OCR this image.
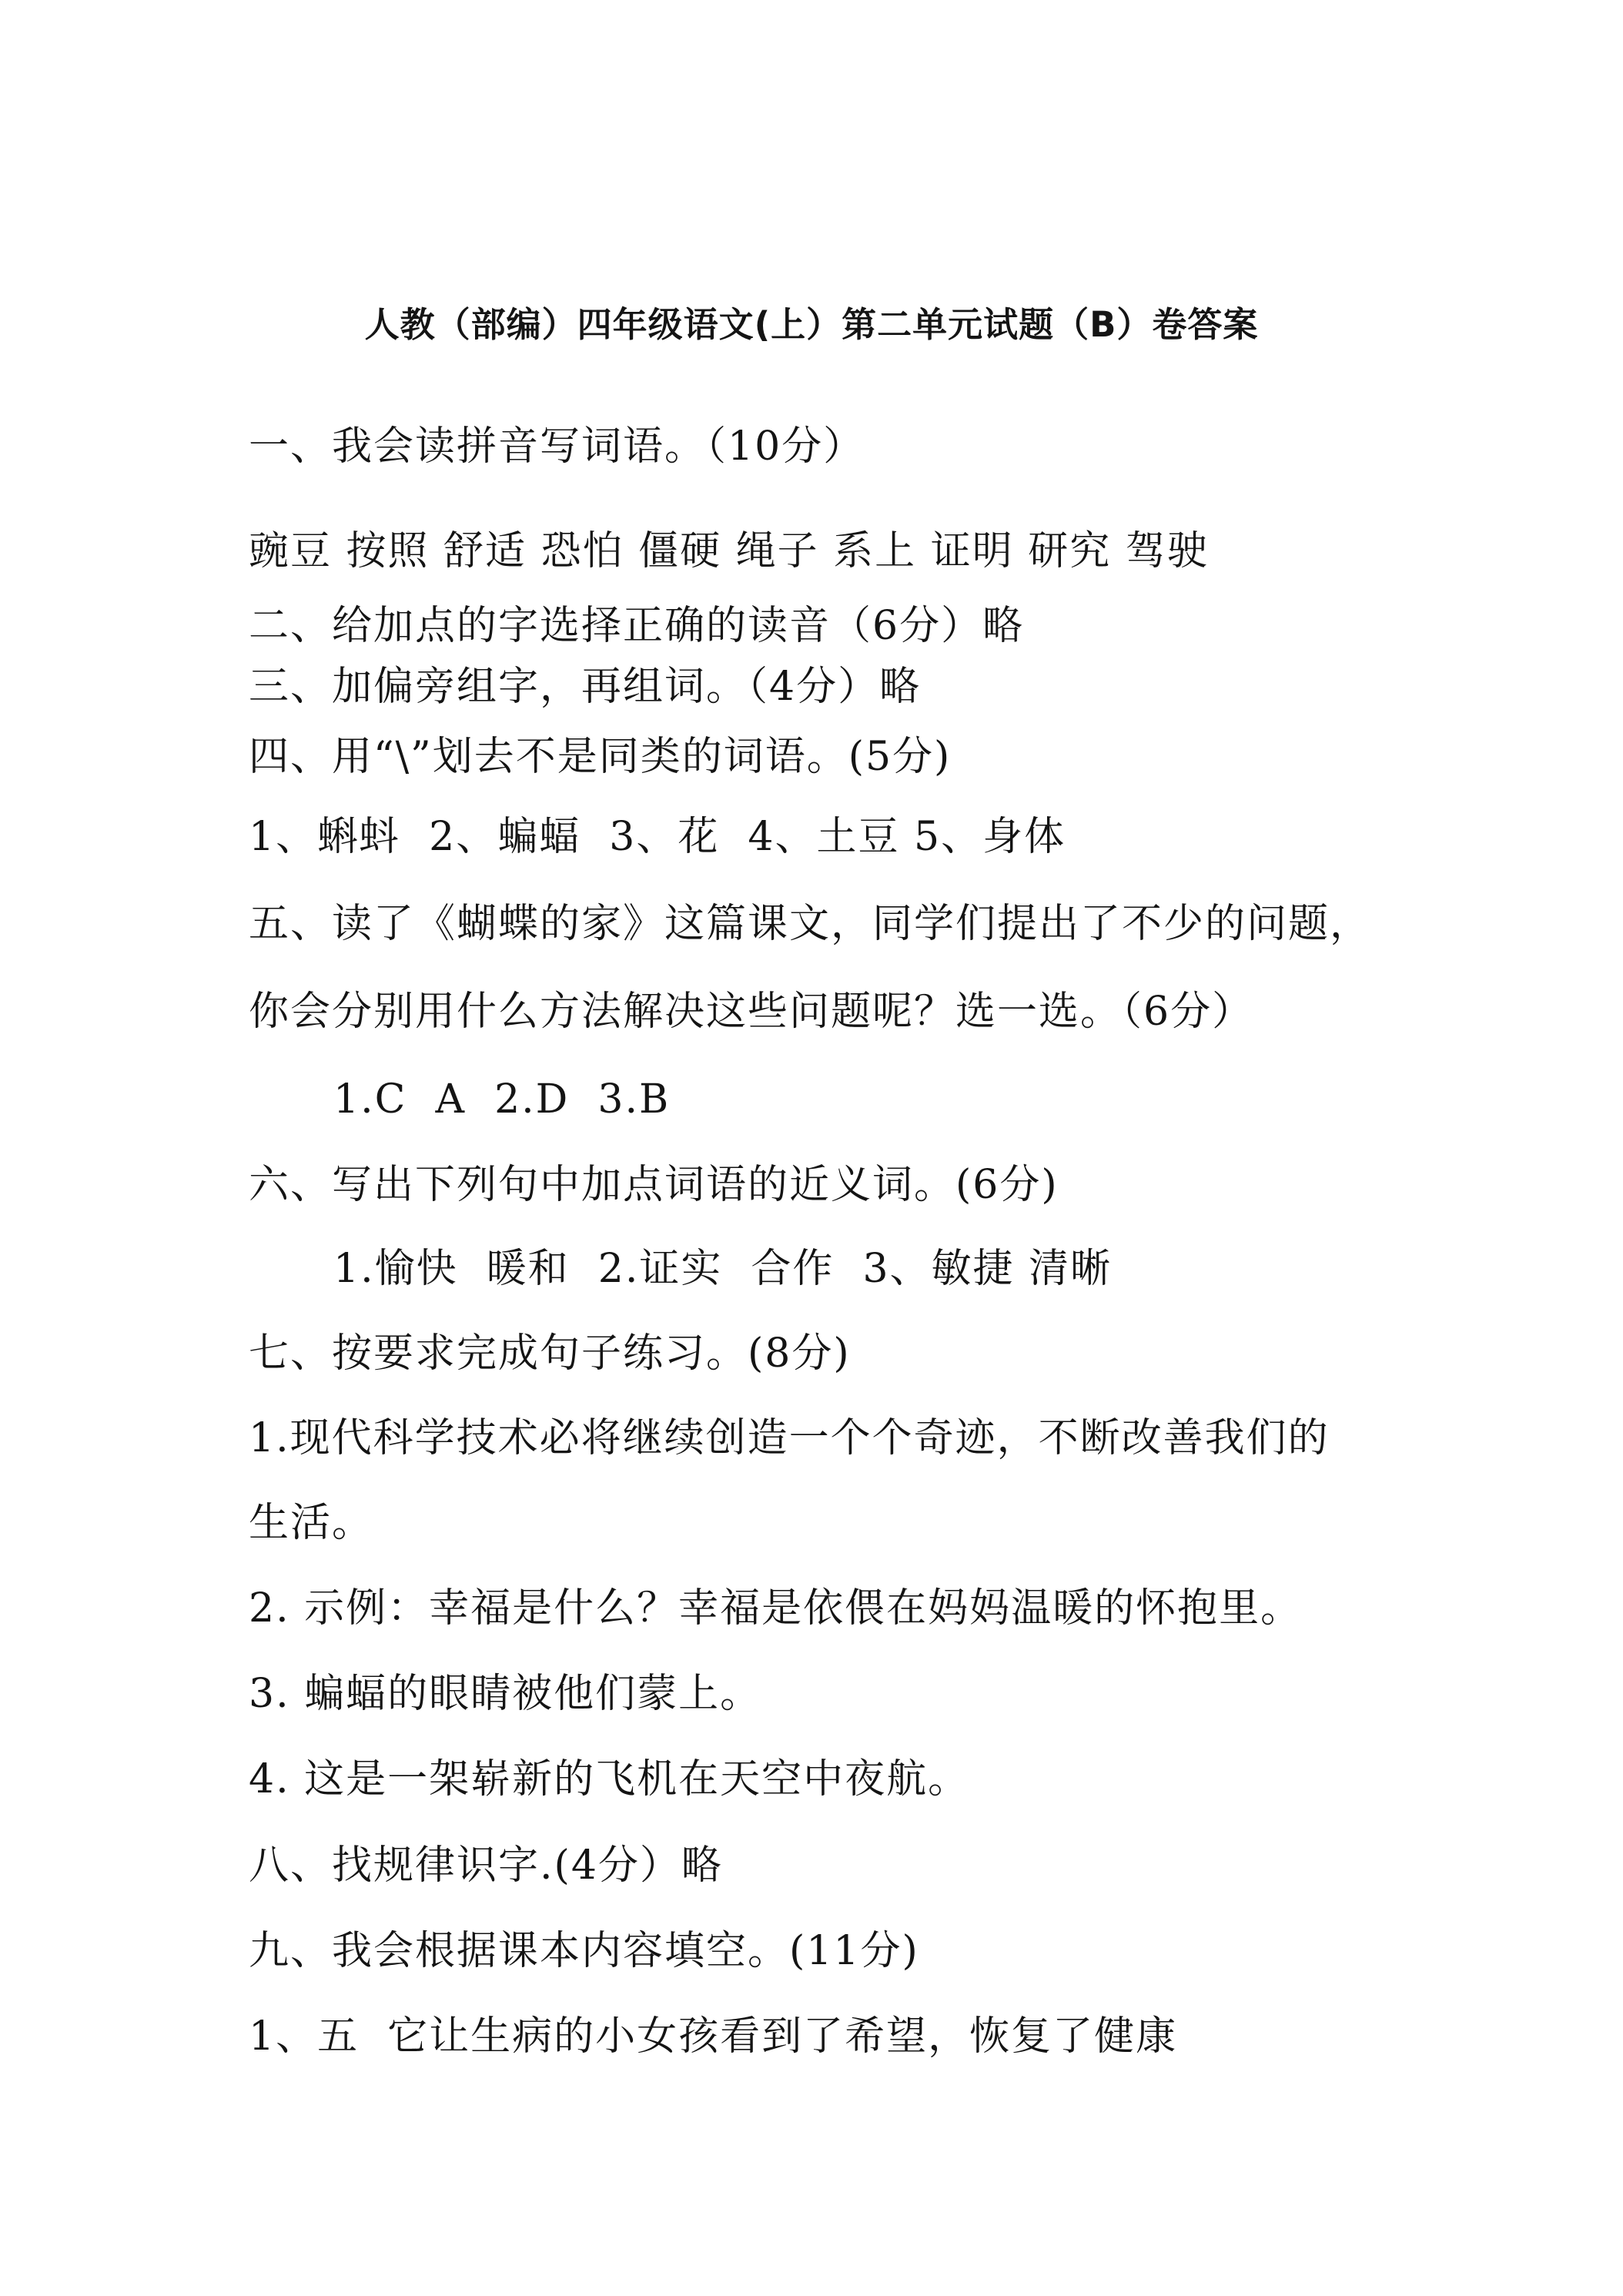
人教（部编）四年级语文(上）第二单元试题（B）卷答案
一、我会读拼音写词语。（10分）
豌豆 按照 舒适 恐怕 僵硬 绳子 系上 证明 研究 驾驶
二、给加点的字选择正确的读音（6分）略
三、加偏旁组字，再组词。（4分）略
四、用“\”划去不是同类的词语。(5分)
1、蝌蚪  2、蝙蝠  3、花  4、土豆 5、身体
五、读了《蝴蝶的家》这篇课文，同学们提出了不少的问题，
你会分别用什么方法解决这些问题呢？选一选。（6分）
1.C  A  2.D  3.B
六、写出下列句中加点词语的近义词。(6分)
1.愉快  暖和  2.证实  合作  3、敏捷 清晰
七、按要求完成句子练习。(8分)
1.现代科学技术必将继续创造一个个奇迹，不断改善我们的
生活。
2. 示例：幸福是什么？幸福是依偎在妈妈温暖的怀抱里。
3. 蝙蝠的眼睛被他们蒙上。
4. 这是一架崭新的飞机在天空中夜航。
八、找规律识字.(4分）略
九、我会根据课本内容填空。(11分)
1、五  它让生病的小女孩看到了希望，恢复了健康
